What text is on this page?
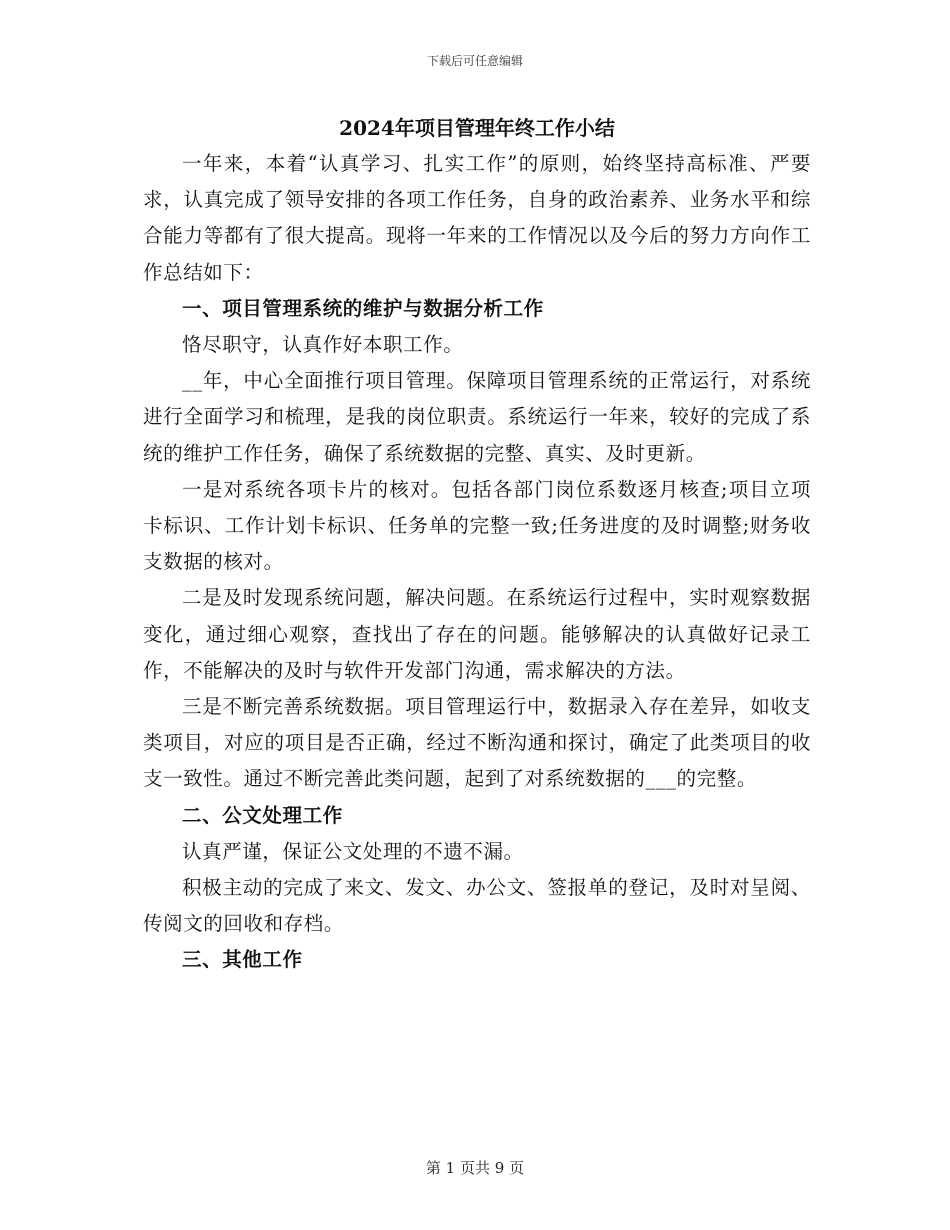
下载后可任意编辑
2024年项目管理年终工作小结

一年来，本着“认真学习、扎实工作”的原则，始终坚持高标准、严要求，认真完成了领导安排的各项工作任务，自身的政治素养、业务水平和综合能力等都有了很大提高。现将一年来的工作情况以及今后的努力方向作工作总结如下：

一、项目管理系统的维护与数据分析工作

恪尽职守，认真作好本职工作。

__年，中心全面推行项目管理。保障项目管理系统的正常运行，对系统进行全面学习和梳理，是我的岗位职责。系统运行一年来，较好的完成了系统的维护工作任务，确保了系统数据的完整、真实、及时更新。

一是对系统各项卡片的核对。包括各部门岗位系数逐月核查;项目立项卡标识、工作计划卡标识、任务单的完整一致;任务进度的及时调整;财务收支数据的核对。

二是及时发现系统问题，解决问题。在系统运行过程中，实时观察数据变化，通过细心观察，查找出了存在的问题。能够解决的认真做好记录工作，不能解决的及时与软件开发部门沟通，需求解决的方法。

三是不断完善系统数据。项目管理运行中，数据录入存在差异，如收支类项目，对应的项目是否正确，经过不断沟通和探讨，确定了此类项目的收支一致性。通过不断完善此类问题，起到了对系统数据的___的完整。

二、公文处理工作

认真严谨，保证公文处理的不遗不漏。

积极主动的完成了来文、发文、办公文、签报单的登记，及时对呈阅、传阅文的回收和存档。

三、其他工作

第 1 页共 9 页
